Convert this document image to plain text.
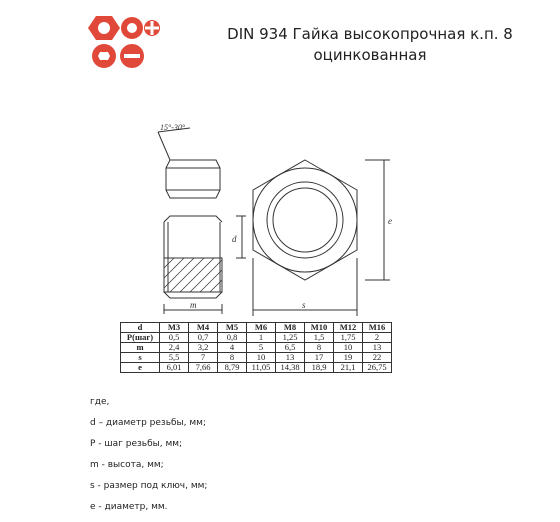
DIN 934 Гайка высокопрочная к.п. 8
оцинкованная
15°-30°
m
d
e
s
d	M3	M4	M5	M6	M8	M10	M12	M16
P(шаг)	0,5	0,7	0,8	1	1,25	1,5	1,75	2
m	2,4	3,2	4	5	6,5	8	10	13
s	5,5	7	8	10	13	17	19	22
e	6,01	7,66	8,79	11,05	14,38	18,9	21,1	26,75
где,
d – диаметр резьбы, мм;
P - шаг резьбы, мм;
m - высота, мм;
s - размер под ключ, мм;
e - диаметр, мм.
